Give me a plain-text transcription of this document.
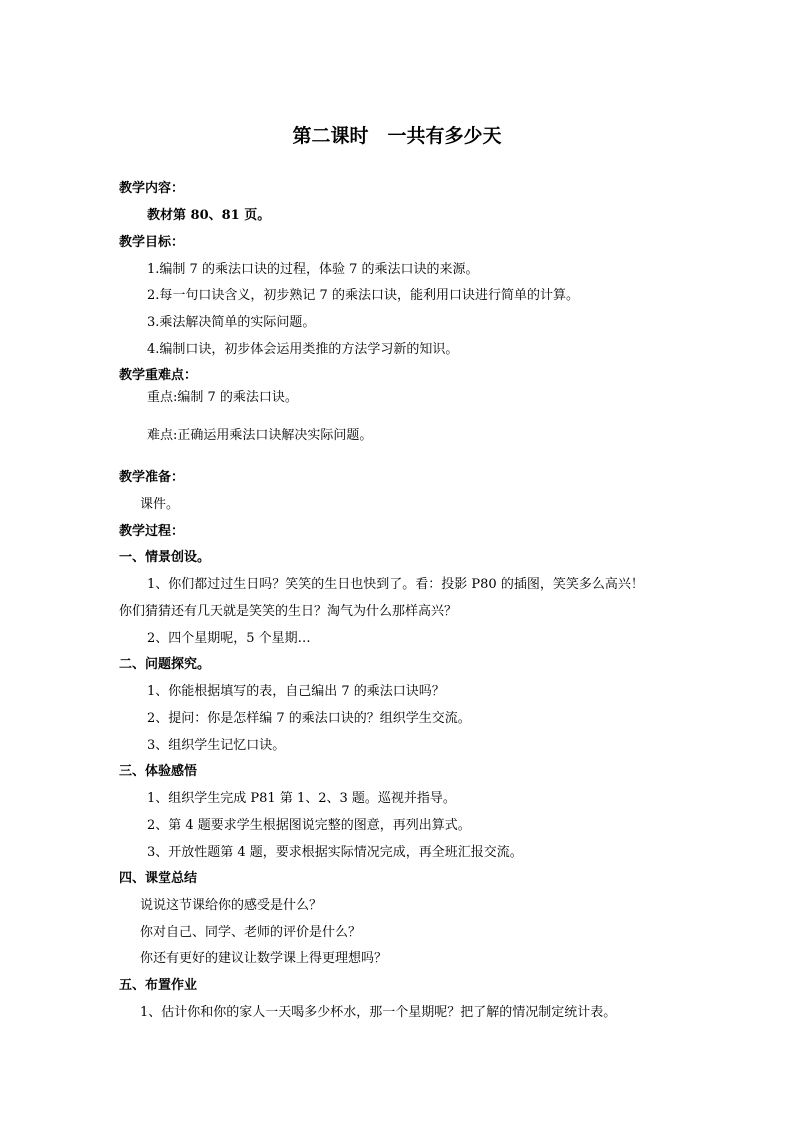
第二课时　一共有多少天
教学内容：
教材第 80、81 页。
教学目标：
1.编制 7 的乘法口诀的过程，体验 7 的乘法口诀的来源。
2.每一句口诀含义，初步熟记 7 的乘法口诀，能利用口诀进行简单的计算。
3.乘法解决简单的实际问题。
4.编制口诀，初步体会运用类推的方法学习新的知识。
教学重难点：
重点:编制 7 的乘法口诀。
难点:正确运用乘法口诀解决实际问题。
教学准备：
课件。
教学过程：
一、情景创设。
1、你们都过过生日吗？笑笑的生日也快到了。看：投影 P80 的插图，笑笑多么高兴！
你们猜猜还有几天就是笑笑的生日？淘气为什么那样高兴？
2、四个星期呢，5 个星期…
二、问题探究。
1、你能根据填写的表，自己编出 7 的乘法口诀吗？
2、提问：你是怎样编 7 的乘法口诀的？组织学生交流。
3、组织学生记忆口诀。
三、体验感悟
1、组织学生完成 P81 第 1、2、3 题。巡视并指导。
2、第 4 题要求学生根据图说完整的图意，再列出算式。
3、开放性题第 4 题，要求根据实际情况完成，再全班汇报交流。
四、课堂总结
说说这节课给你的感受是什么？
你对自己、同学、老师的评价是什么？
你还有更好的建议让数学课上得更理想吗？
五、布置作业
1、估计你和你的家人一天喝多少杯水，那一个星期呢？把了解的情况制定统计表。
